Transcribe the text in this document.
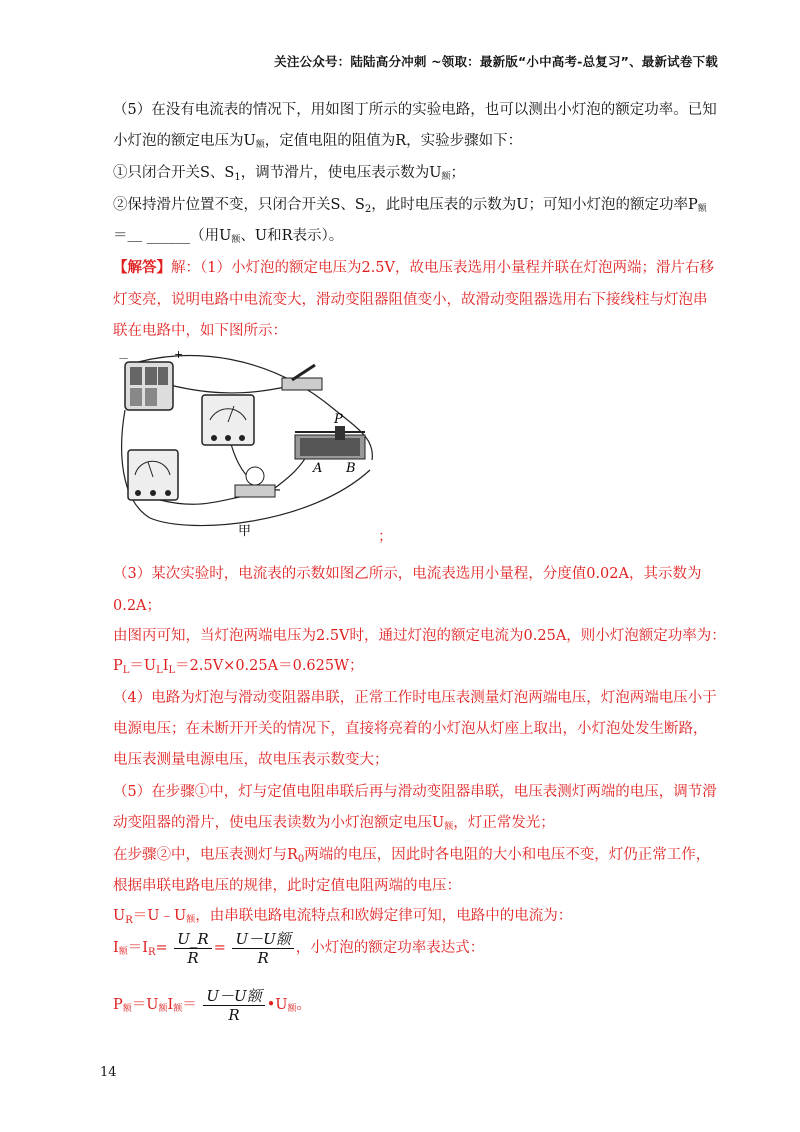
关注公众号：陆陆高分冲刺 ~领取：最新版“小中高考-总复习”、最新试卷下载
（5）在没有电流表的情况下，用如图丁所示的实验电路，也可以测出小灯泡的额定功率。已知
小灯泡的额定电压为$U_额$，定值电阻的阻值为R，实验步骤如下：
①只闭合开关S、$S_1$，调节滑片，使电压表示数为$U_额$；
②保持滑片位置不变，只闭合开关S、$S_2$，此时电压表的示数为U；可知小灯泡的额定功率$P_额$
＝＿ ______（用$U_额$、U和R表示）。
【解答】解：（1）小灯泡的额定电压为2.5V，故电压表选用小量程并联在灯泡两端；滑片右移
灯变亮，说明电路中电流变大，滑动变阻器阻值变小，故滑动变阻器选用右下接线柱与灯泡串
联在电路中，如下图所示：
－	+
P
A B
甲	；
（3）某次实验时，电流表的示数如图乙所示，电流表选用小量程，分度值0.02A，其示数为
0.2A；
由图丙可知，当灯泡两端电压为2.5V时，通过灯泡的额定电流为0.25A，则小灯泡额定功率为：
$P_L=U_LI_L=2.5V\times 0.25A=0.625W$；
（4）电路为灯泡与滑动变阻器串联，正常工作时电压表测量灯泡两端电压，灯泡两端电压小于
电源电压；在未断开开关的情况下，直接将亮着的小灯泡从灯座上取出，小灯泡处发生断路，
电压表测量电源电压，故电压表示数变大；
（5）在步骤①中，灯与定值电阻串联后再与滑动变阻器串联，电压表测灯两端的电压，调节滑
动变阻器的滑片，使电压表读数为小灯泡额定电压$U_额$，灯正常发光；
在步骤②中，电压表测灯与$R_0$两端的电压，因此时各电阻的大小和电压不变，灯仍正常工作，
根据串联电路电压的规律，此时定值电阻两端的电压：
$U_R=U﹣U_额$，由串联电路电流特点和欧姆定律可知，电路中的电流为：
$I_额=I_R= \frac{U\_R}{R} = \frac{\text{U－U额}}{R}$ ，小灯泡的额定功率表达式：
$P_额=U_额I_额= \frac{\text{U－U额}}{R}$ $•U_额$。
14
